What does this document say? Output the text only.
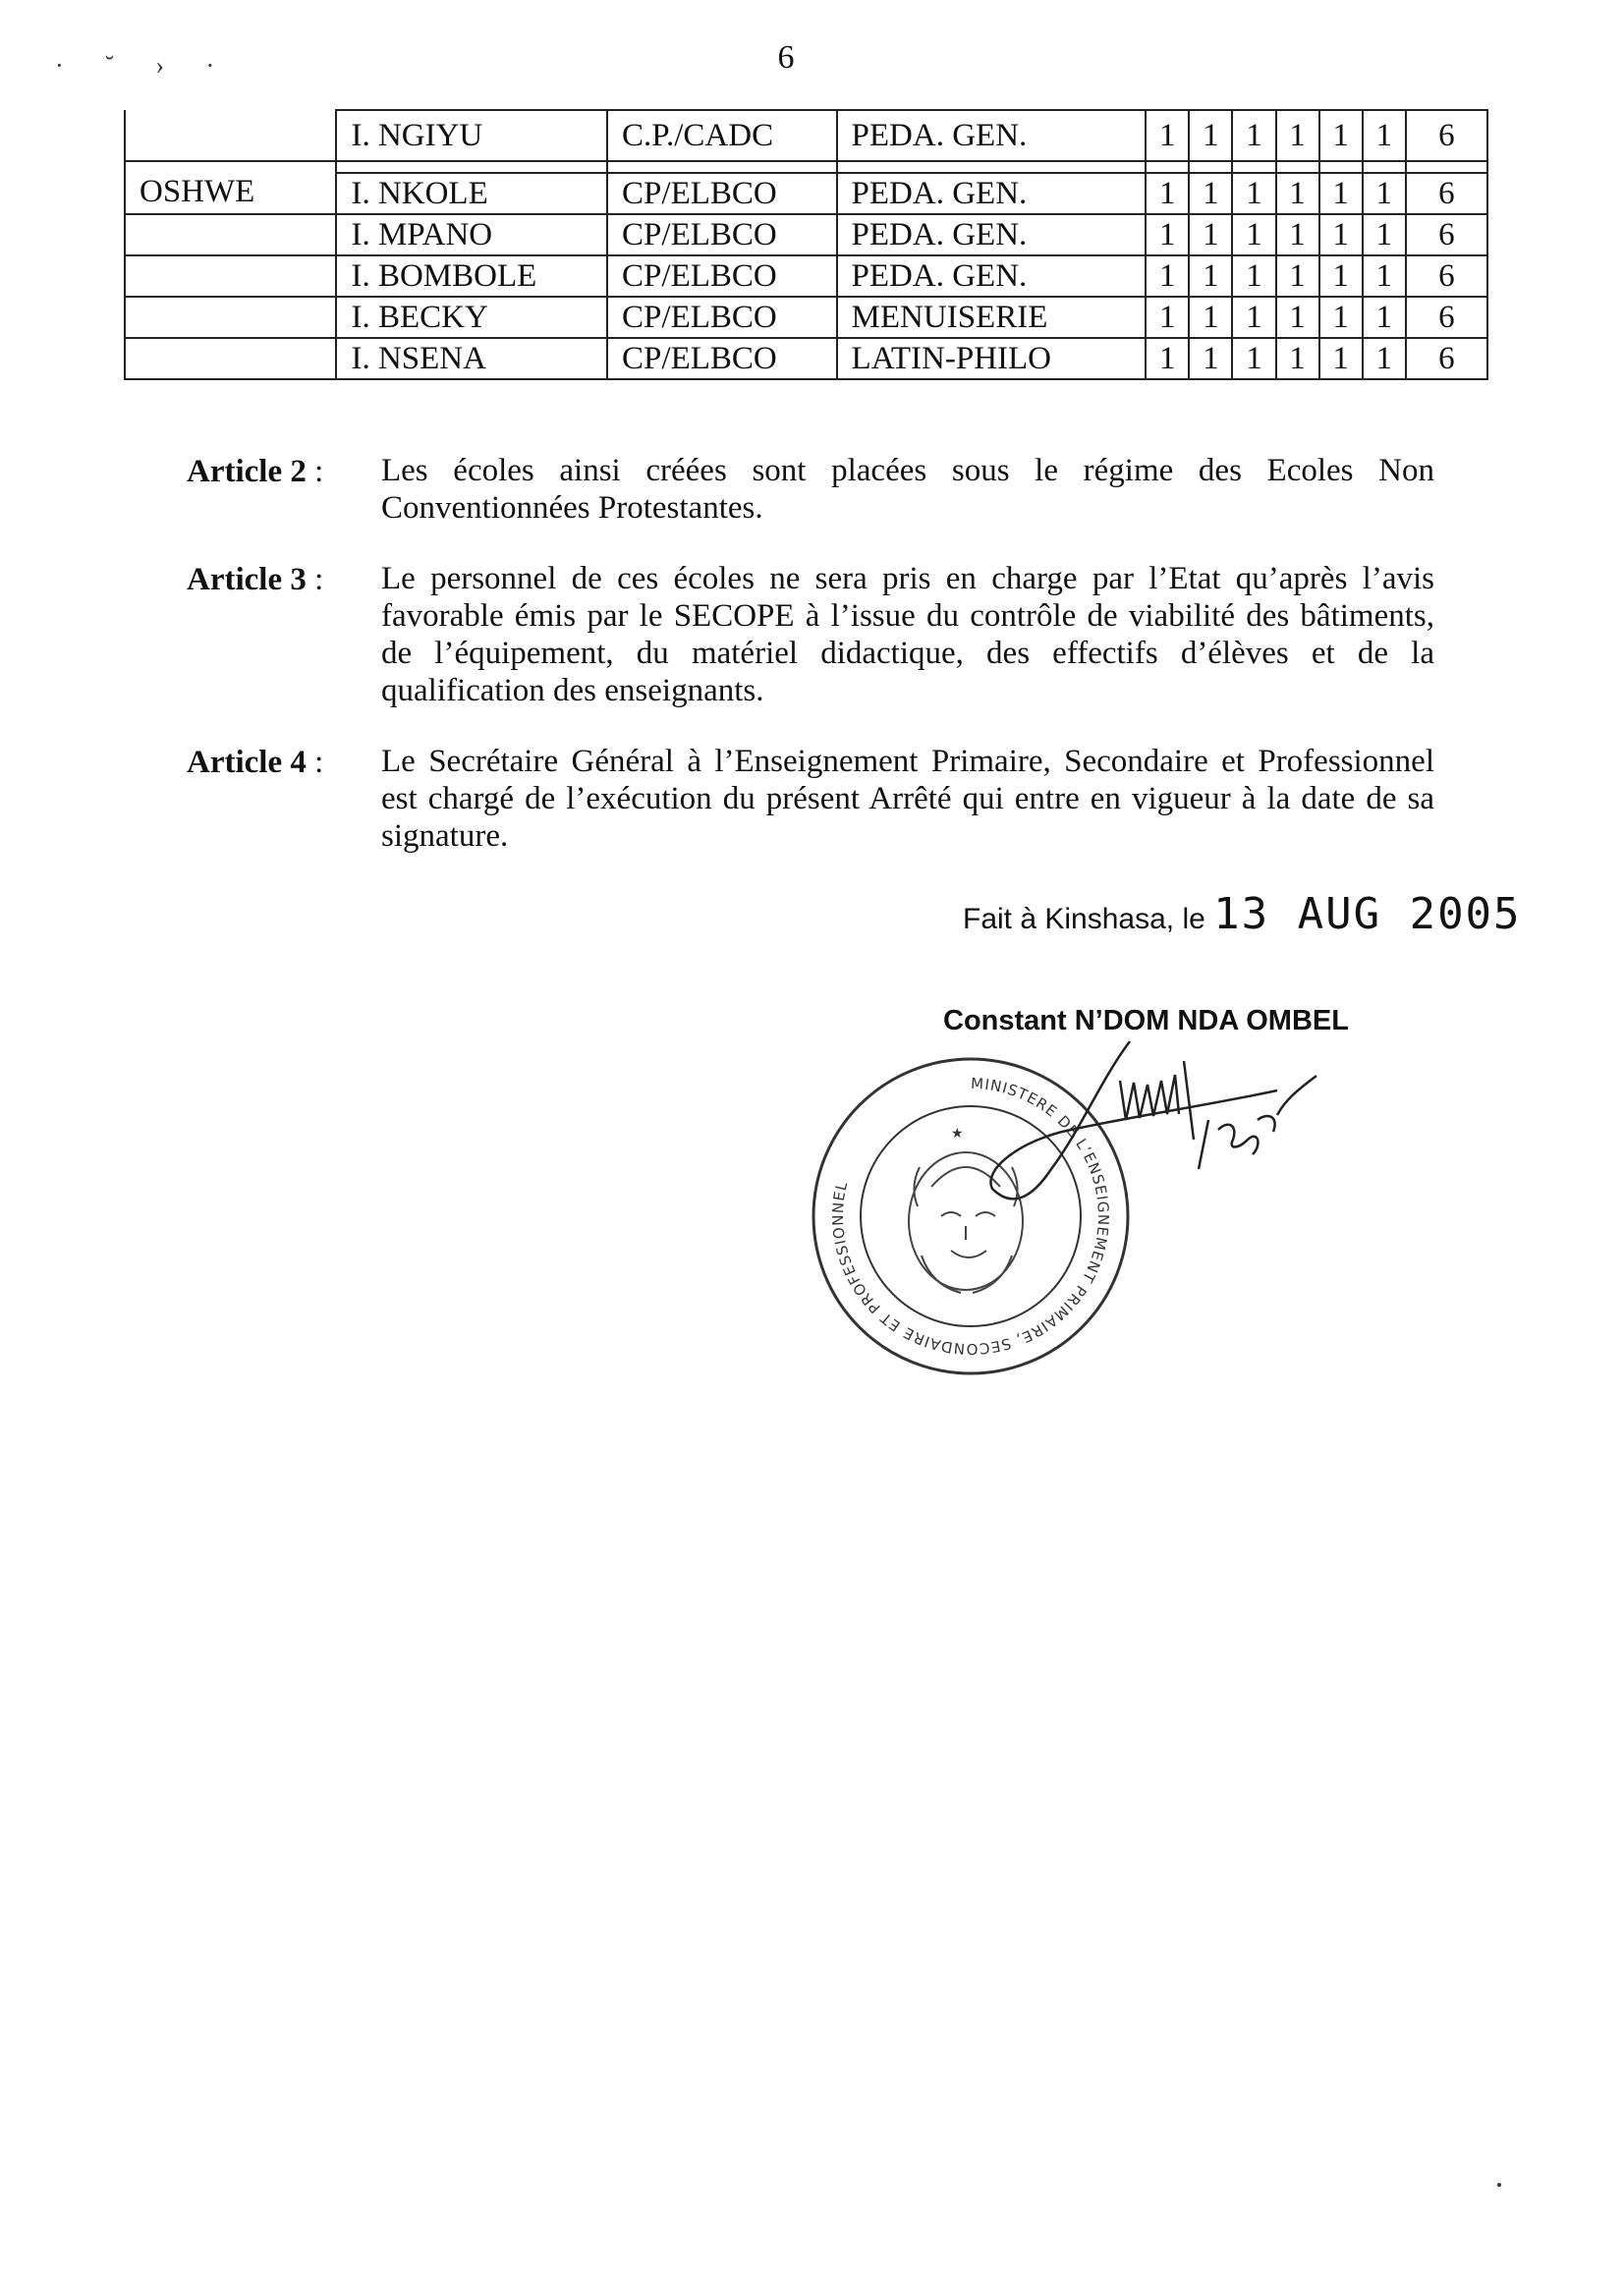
6
· ˘ › ·
	I. NGIYU	C.P./CADC	PEDA. GEN.	1	1	1	1	1	1	6

OSHWE	I. NKOLE	CP/ELBCO	PEDA. GEN.	1	1	1	1	1	1	6
	I. MPANO	CP/ELBCO	PEDA. GEN.	1	1	1	1	1	1	6
	I. BOMBOLE	CP/ELBCO	PEDA. GEN.	1	1	1	1	1	1	6
	I. BECKY	CP/ELBCO	MENUISERIE	1	1	1	1	1	1	6
	I. NSENA	CP/ELBCO	LATIN-PHILO	1	1	1	1	1	1	6
Article 2 :	Les écoles ainsi créées sont placées sous le régime des Ecoles Non Conventionnées Protestantes.
Article 3 :	Le personnel de ces écoles ne sera pris en charge par l’Etat qu’après l’avis favorable émis par le SECOPE à l’issue du contrôle de viabilité des bâtiments, de l’équipement, du matériel didactique, des effectifs d’élèves et de la qualification des enseignants.
Article 4 :	Le Secrétaire Général à l’Enseignement Primaire, Secondaire et Professionnel est chargé de l’exécution du présent Arrêté qui entre en vigueur à la date de sa signature.
Fait à Kinshasa, le 13 AUG 2005
Constant N’DOM NDA OMBEL
MINISTERE DE L’ENSEIGNEMENT PRIMAIRE, SECONDAIRE ET PROFESSIONNEL
★
